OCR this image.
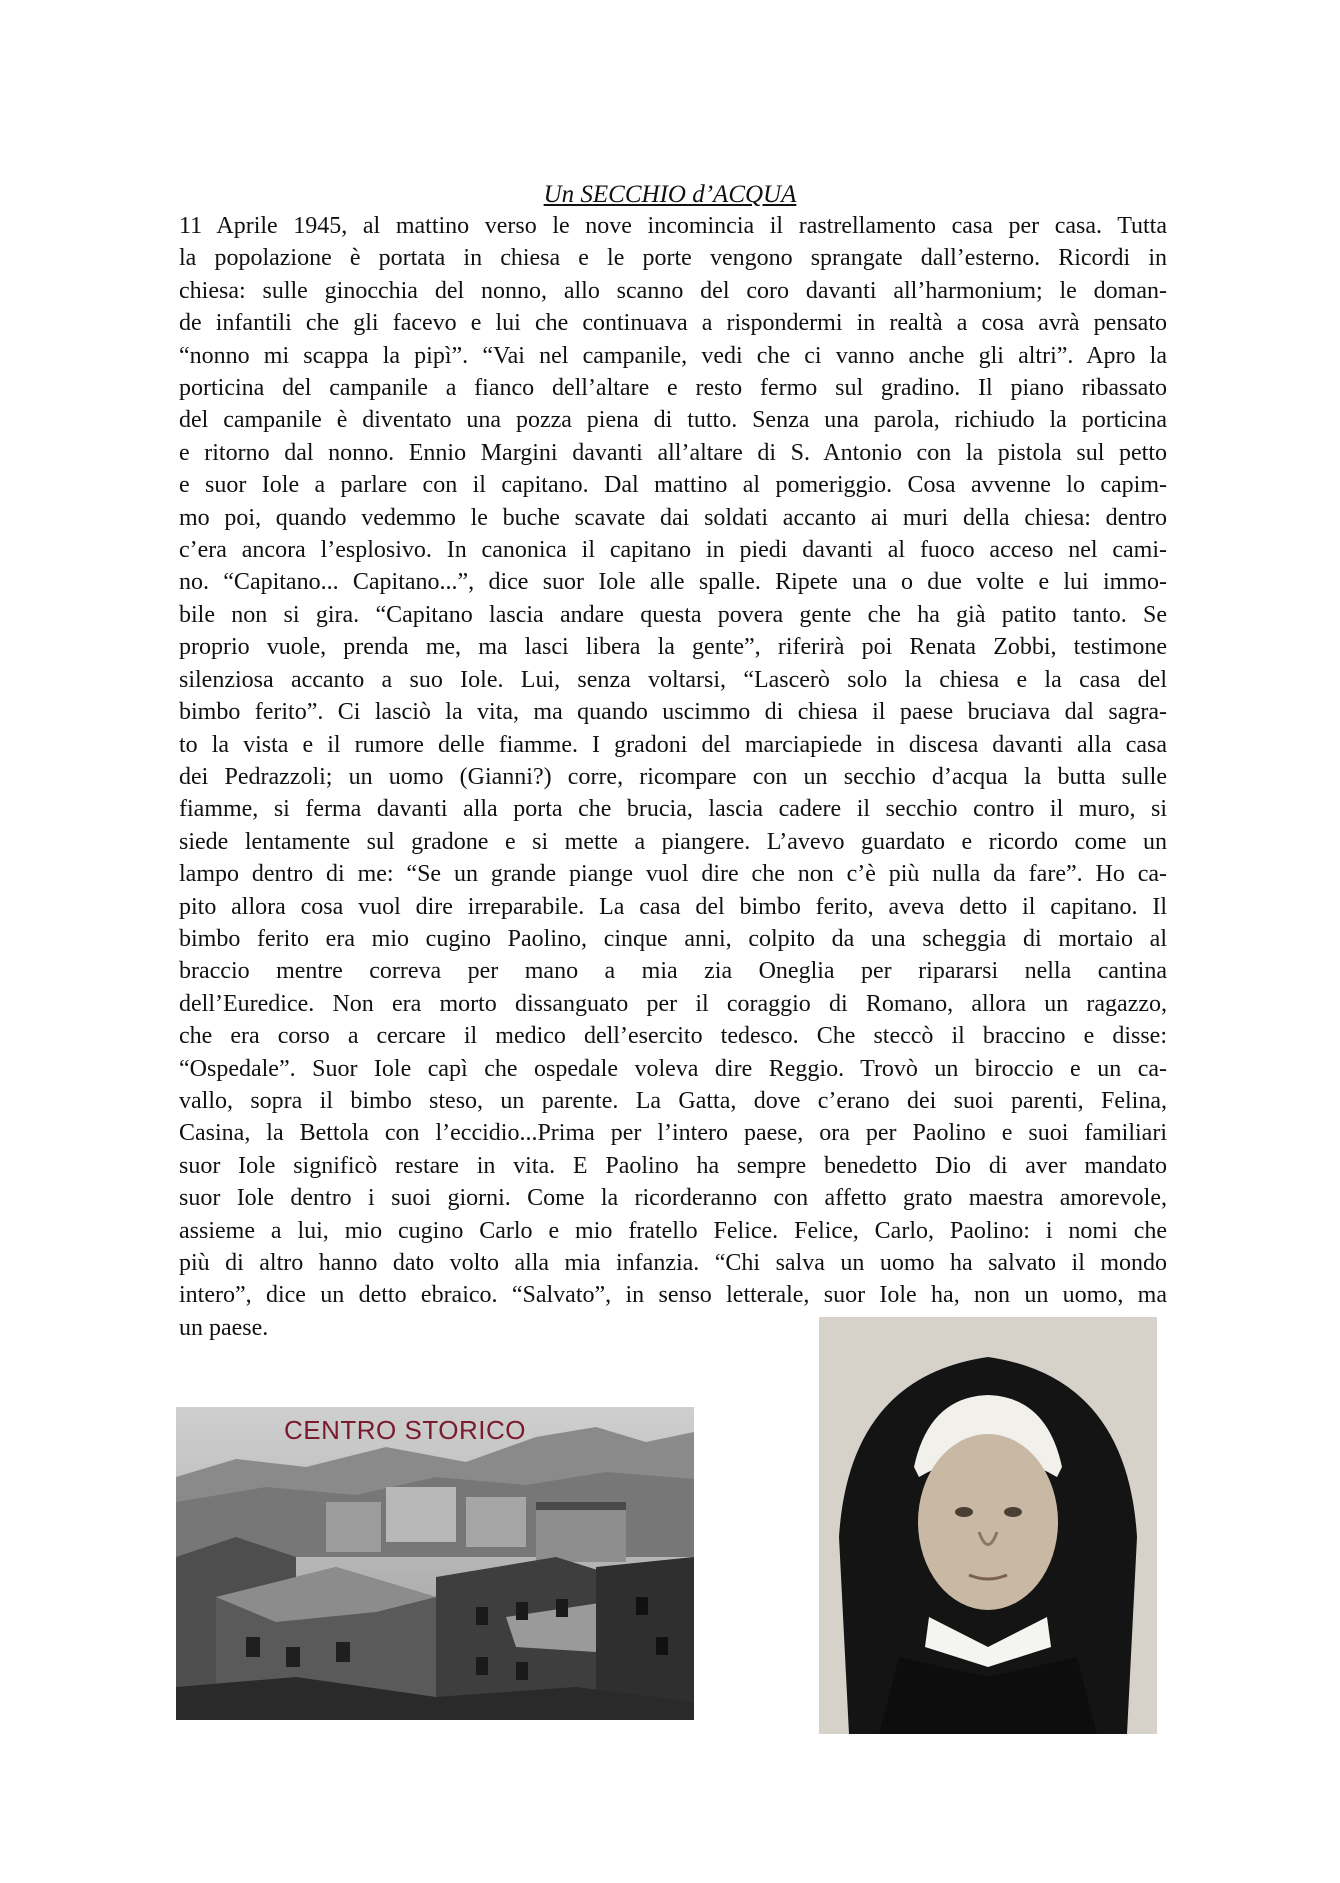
Un SECCHIO d’ACQUA
11 Aprile 1945, al mattino verso le nove incomincia il rastrellamento casa per casa. Tutta
la popolazione è portata in chiesa e le porte vengono sprangate dall’esterno. Ricordi in
chiesa: sulle ginocchia del nonno, allo scanno del coro davanti all’harmonium; le doman-
de infantili che gli facevo e lui che continuava a rispondermi in realtà a cosa avrà pensato
“nonno mi scappa la pipì”. “Vai nel campanile, vedi che ci vanno anche gli altri”. Apro la
porticina del campanile a fianco dell’altare e resto fermo sul gradino. Il piano ribassato
del campanile è diventato una pozza piena di tutto. Senza una parola, richiudo la porticina
e ritorno dal nonno. Ennio Margini davanti all’altare di S. Antonio con la pistola sul petto
e suor Iole a parlare con il capitano. Dal mattino al pomeriggio. Cosa avvenne lo capim-
mo poi, quando vedemmo le buche scavate dai soldati accanto ai muri della chiesa: dentro
c’era ancora l’esplosivo. In canonica il capitano in piedi davanti al fuoco acceso nel cami-
no. “Capitano... Capitano...”, dice suor Iole alle spalle. Ripete una o due volte e lui immo-
bile non si gira. “Capitano lascia andare questa povera gente che ha già patito tanto. Se
proprio vuole, prenda me, ma lasci libera la gente”, riferirà poi Renata Zobbi, testimone
silenziosa accanto a suo Iole. Lui, senza voltarsi, “Lascerò solo la chiesa e la casa del
bimbo ferito”. Ci lasciò la vita, ma quando uscimmo di chiesa il paese bruciava dal sagra-
to la vista e il rumore delle fiamme. I gradoni del marciapiede in discesa davanti alla casa
dei Pedrazzoli; un uomo (Gianni?) corre, ricompare con un secchio d’acqua la butta sulle
fiamme, si ferma davanti alla porta che brucia, lascia cadere il secchio contro il muro, si
siede lentamente sul gradone e si mette a piangere. L’avevo guardato e ricordo come un
lampo dentro di me: “Se un grande piange vuol dire che non c’è più nulla da fare”. Ho ca-
pito allora cosa vuol dire irreparabile. La casa del bimbo ferito, aveva detto il capitano. Il
bimbo ferito era mio cugino Paolino, cinque anni, colpito da una scheggia di mortaio al
braccio mentre correva per mano a mia zia Oneglia per ripararsi nella cantina
dell’Euredice. Non era morto dissanguato per il coraggio di Romano, allora un ragazzo,
che era corso a cercare il medico dell’esercito tedesco. Che steccò il braccino e disse:
“Ospedale”. Suor Iole capì che ospedale voleva dire Reggio. Trovò un biroccio e un ca-
vallo, sopra il bimbo steso, un parente. La Gatta, dove c’erano dei suoi parenti, Felina,
Casina, la Bettola con l’eccidio...Prima per l’intero paese, ora per Paolino e suoi familiari
suor Iole significò restare in vita. E Paolino ha sempre benedetto Dio di aver mandato
suor Iole dentro i suoi giorni. Come la ricorderanno con affetto grato maestra amorevole,
assieme a lui, mio cugino Carlo e mio fratello Felice. Felice, Carlo, Paolino: i nomi che
più di altro hanno dato volto alla mia infanzia. “Chi salva un uomo ha salvato il mondo
intero”, dice un detto ebraico. “Salvato”, in senso letterale, suor Iole ha, non un uomo, ma
un paese.
CENTRO STORICO
